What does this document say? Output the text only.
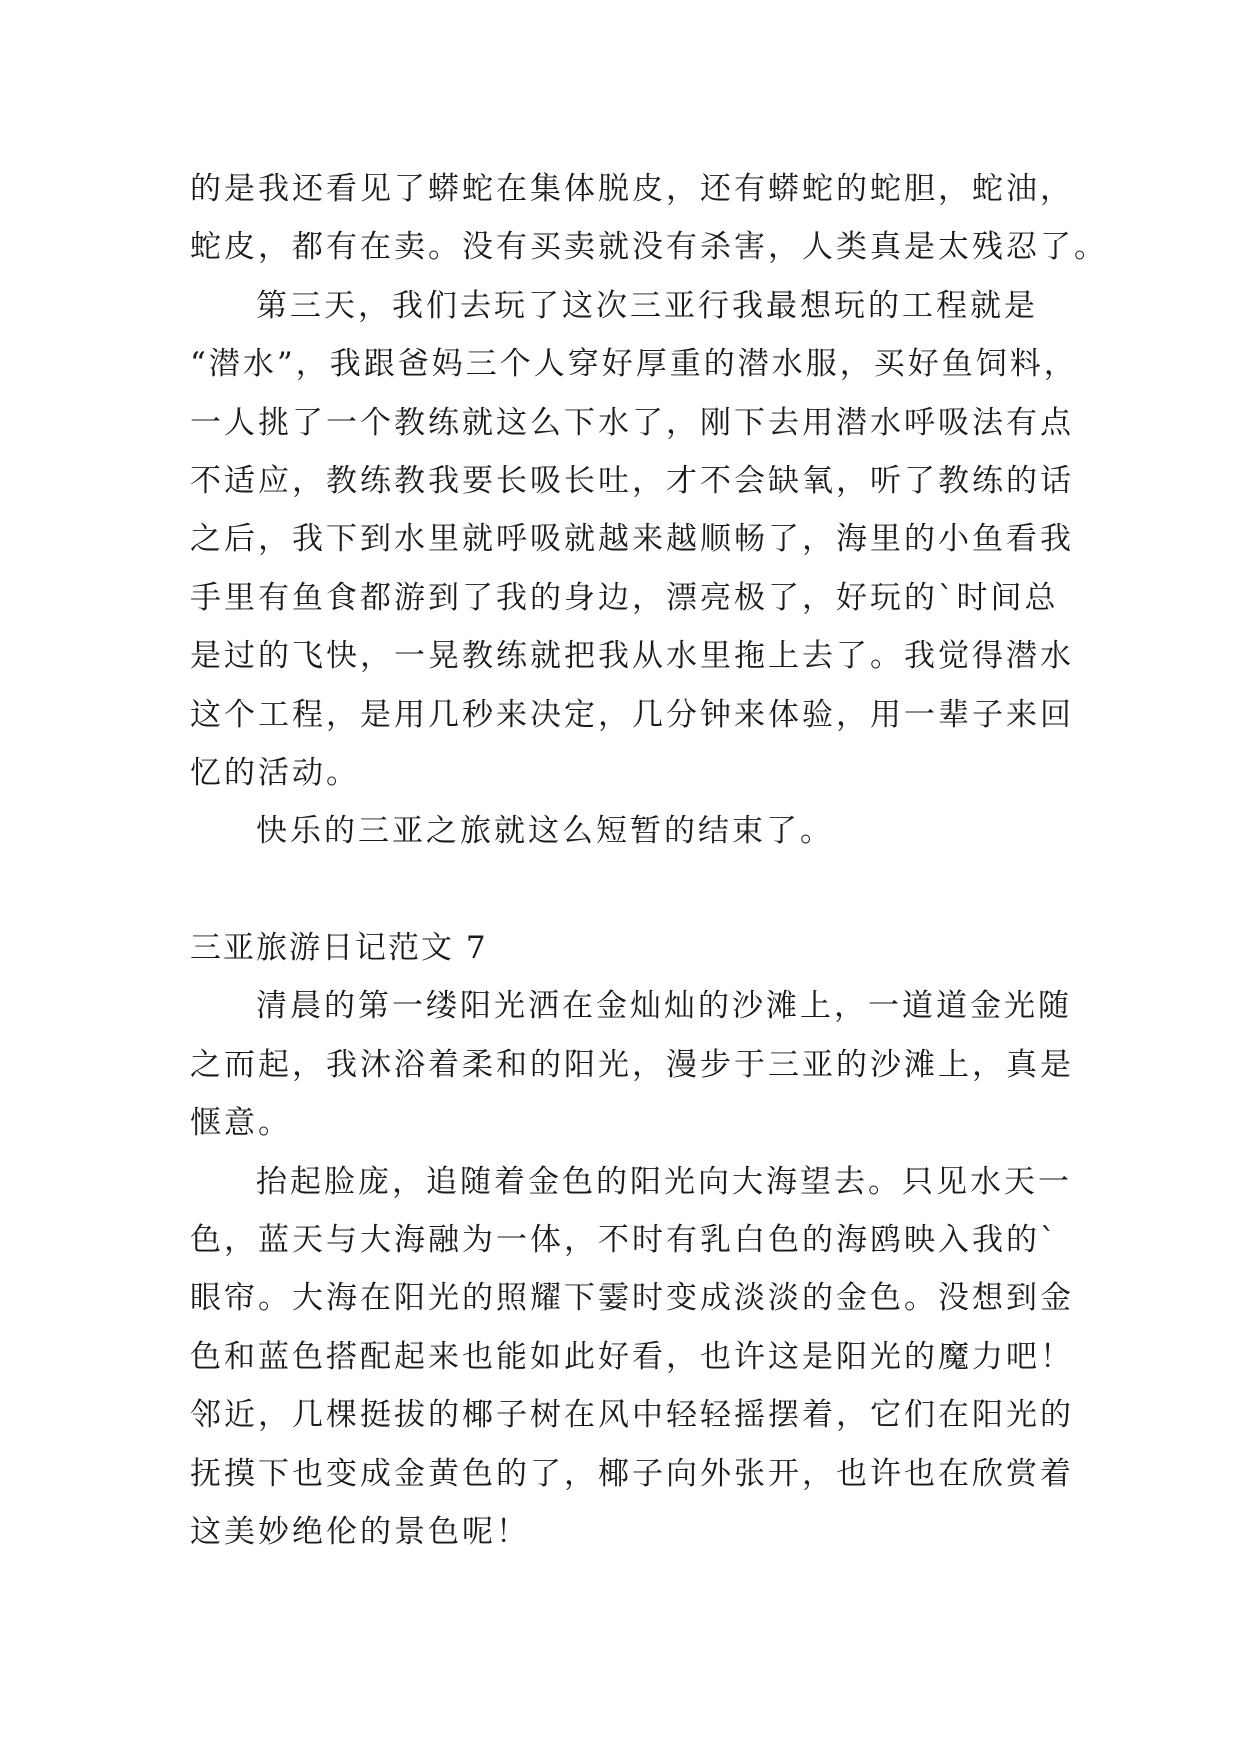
的是我还看见了蟒蛇在集体脱皮，还有蟒蛇的蛇胆，蛇油，
蛇皮，都有在卖。没有买卖就没有杀害，人类真是太残忍了。
第三天，我们去玩了这次三亚行我最想玩的工程就是
“潜水”，我跟爸妈三个人穿好厚重的潜水服，买好鱼饲料，
一人挑了一个教练就这么下水了，刚下去用潜水呼吸法有点
不适应，教练教我要长吸长吐，才不会缺氧，听了教练的话
之后，我下到水里就呼吸就越来越顺畅了，海里的小鱼看我
手里有鱼食都游到了我的身边，漂亮极了，好玩的`时间总
是过的飞快，一晃教练就把我从水里拖上去了。我觉得潜水
这个工程，是用几秒来决定，几分钟来体验，用一辈子来回
忆的活动。
快乐的三亚之旅就这么短暂的结束了。
三亚旅游日记范文 7
清晨的第一缕阳光洒在金灿灿的沙滩上，一道道金光随
之而起，我沐浴着柔和的阳光，漫步于三亚的沙滩上，真是
惬意。
抬起脸庞，追随着金色的阳光向大海望去。只见水天一
色，蓝天与大海融为一体，不时有乳白色的海鸥映入我的`
眼帘。大海在阳光的照耀下霎时变成淡淡的金色。没想到金
色和蓝色搭配起来也能如此好看，也许这是阳光的魔力吧！
邻近，几棵挺拔的椰子树在风中轻轻摇摆着，它们在阳光的
抚摸下也变成金黄色的了，椰子向外张开，也许也在欣赏着
这美妙绝伦的景色呢！
